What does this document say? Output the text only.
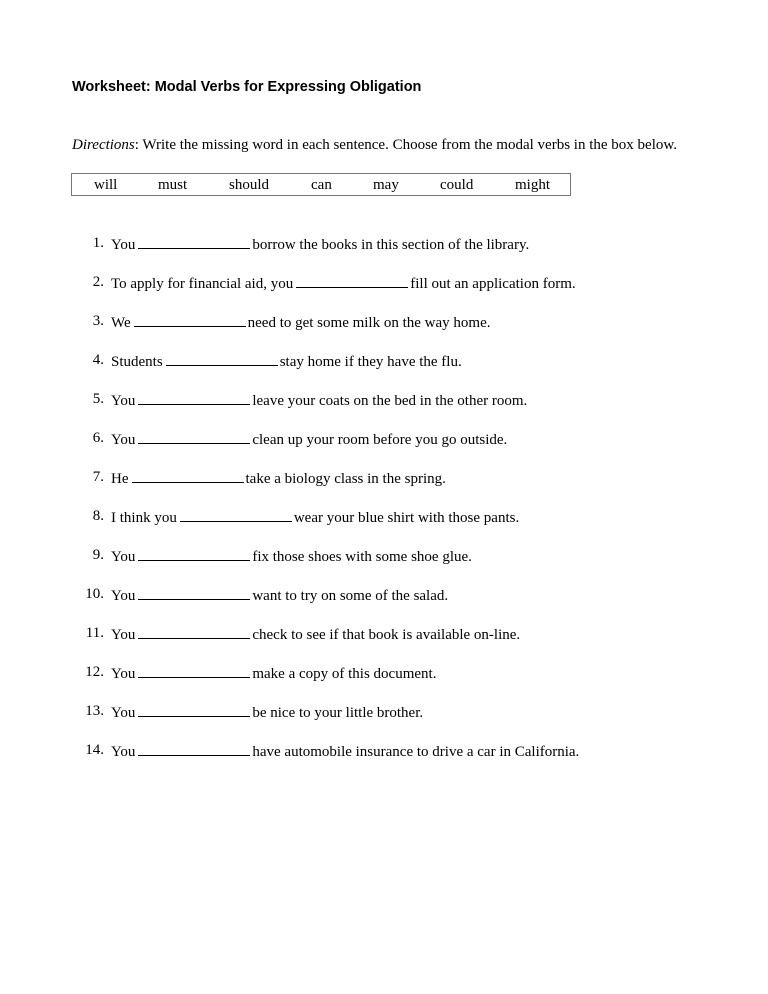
Worksheet: Modal Verbs for Expressing Obligation

Directions: Write the missing word in each sentence. Choose from the modal verbs in the box below.

will	must	should	can	may	could	might
1. You	borrow the books in this section of the library.
2. To apply for financial aid, you	fill out an application form.
3. We	need to get some milk on the way home.
4. Students	stay home if they have the flu.
5. You	leave your coats on the bed in the other room.
6. You	clean up your room before you go outside.
7. He	take a biology class in the spring.
8. I think you	wear your blue shirt with those pants.
9. You	fix those shoes with some shoe glue.
10. You	want to try on some of the salad.
11. You	check to see if that book is available on-line.
12. You	make a copy of this document.
13. You	be nice to your little brother.
14. You	have automobile insurance to drive a car in California.
